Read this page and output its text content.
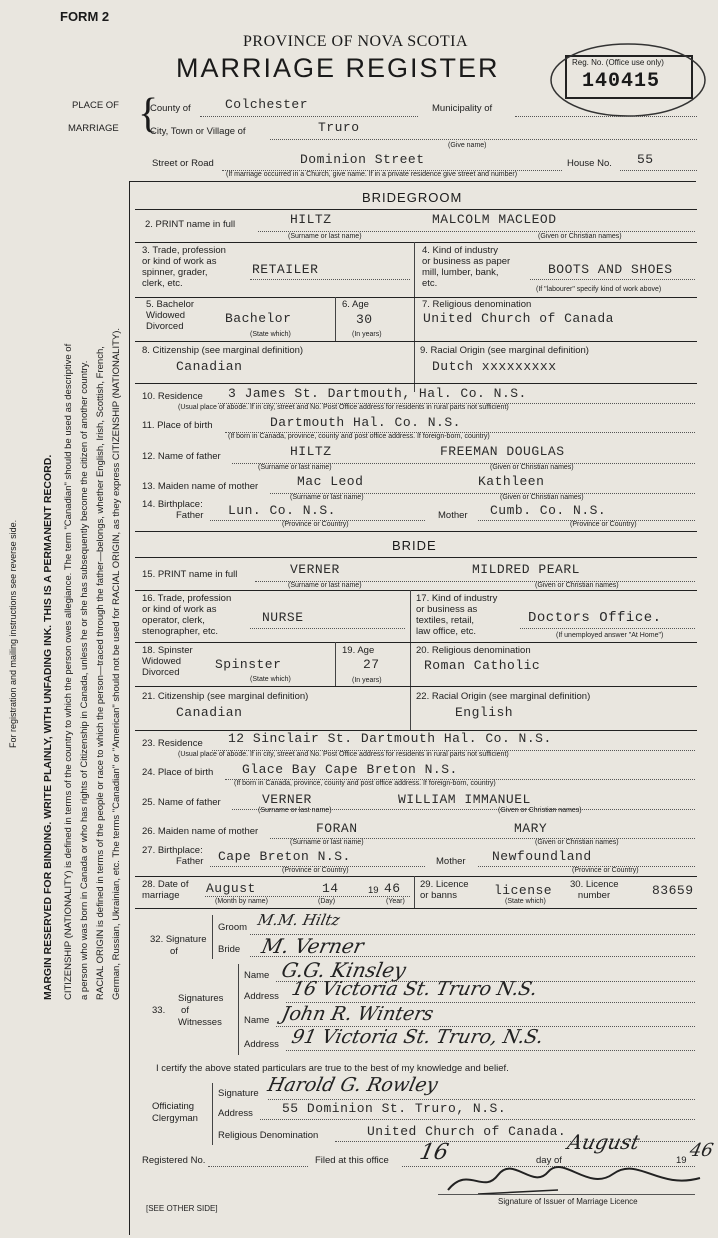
FORM 2
PROVINCE OF NOVA SCOTIA
MARRIAGE REGISTER	Reg. No. (Office use only)
140415
PLACE OF
MARRIAGE {
County of	Colchester	Municipality of
City, Town or Village of	Truro
(Give name)
Street or Road	Dominion Street	House No. 55
(If marriage occurred in a Church, give name. If in a private residence give street and number)
BRIDEGROOM
2. PRINT name in full	HILTZ	MALCOLM MACLEOD
(Surname or last name)	(Given or Christian names)
3. Trade, profession
or kind of work as
spinner, grader,
clerk, etc.
RETAILER
4. Kind of industry
or business as paper
mill, lumber, bank,
etc.
BOOTS AND SHOES
(If "labourer" specify kind of work above)
5. Bachelor
Widowed
Divorced
Bachelor
(State which)
6. Age
30
(In years)
7. Religious denomination
United Church of Canada
8. Citizenship (see marginal definition)
Canadian
9. Racial Origin (see marginal definition)
Dutch xxxxxxxxx
10. Residence 3 James St. Dartmouth, Hal. Co. N.S.
(Usual place of abode. If in city, street and No. Post Office address for residents in rural parts not sufficient)
11. Place of birth	Dartmouth Hal. Co. N.S.
(If born in Canada, province, county and post office address. If foreign-born, country)
12. Name of father	HILTZ	FREEMAN DOUGLAS
(Surname or last name)	(Given or Christian names)
13. Maiden name of mother	Mac Leod	Kathleen
(Surname or last name)	(Given or Christian names)
14. Birthplace:
Father Lun. Co. N.S.
(Province or Country)
Mother Cumb. Co. N.S.
(Province or Country)
BRIDE
15. PRINT name in full	VERNER	MILDRED PEARL
(Surname or last name)	(Given or Christian names)
16. Trade, profession
or kind of work as
operator, clerk,
stenographer, etc.
NURSE
17. Kind of industry
or business as
textiles, retail,
law office, etc.
Doctors Office.
(If unemployed answer "At Home")
18. Spinster
Widowed
Divorced
Spinster
(State which)
19. Age
27
(In years)
20. Religious denomination
Roman Catholic
21. Citizenship (see marginal definition)
Canadian
22. Racial Origin (see marginal definition)
English
23. Residence 12 Sinclair St. Dartmouth Hal. Co. N.S.
(Usual place of abode. If in city, street and No. Post Office address for residents in rural parts not sufficient)
24. Place of birth Glace Bay Cape Breton N.S.
(If born in Canada, province, county and post office address. If foreign-born, country)
25. Name of father	VERNER	WILLIAM IMMANUEL
(Surname or last name)	(Given or Christian names)
26. Maiden name of mother	FORAN	MARY
(Surname or last name)	(Given or Christian names)
27. Birthplace:
Father Cape Breton N.S.
(Province or Country)
Mother Newfoundland
(Province or Country)
28. Date of
marriage	August	14	19 46
(Month by name)	(Day)	(Year)
29. Licence
or banns	license
(State which)
30. Licence
number	83659
32. Signature
of
Groom M.M. Hiltz
Bride M. Verner
Signatures
33.      of
Witnesses
Name G.G. Kinsley
Address 16 Victoria St. Truro N.S.
Name John R. Winters
Address 91 Victoria St. Truro, N.S.
I certify the above stated particulars are true to the best of my knowledge and belief.
Officiating
Clergyman
Signature Harold G. Rowley
Address 55 Dominion St. Truro, N.S.
Religious Denomination	United Church of Canada.
Registered No.	Filed at this office 16	day of
August
19 46
Signature of Issuer of Marriage Licence
[SEE OTHER SIDE]
For registration and mailing instructions see reverse side. MARGIN RESERVED FOR BINDING. WRITE PLAINLY, WITH UNFADING INK. THIS IS A PERMANENT RECORD. CITIZENSHIP (NATIONALITY) is defined in terms of the country to which the person owes allegiance. The term "Canadian" should be used as descriptive of a person who was born in Canada or who has rights of Citizenship in Canada, unless he or she has subsequently become the citizen of another country. RACIAL ORIGIN is defined in terms of the people or race to which the person—traced through the father—belongs, whether English, Irish, Scottish, French, German, Russian, Ukrainian, etc. The terms "Canadian" or "American" should not be used for RACIAL ORIGIN, as they express CITIZENSHIP (NATIONALITY).
